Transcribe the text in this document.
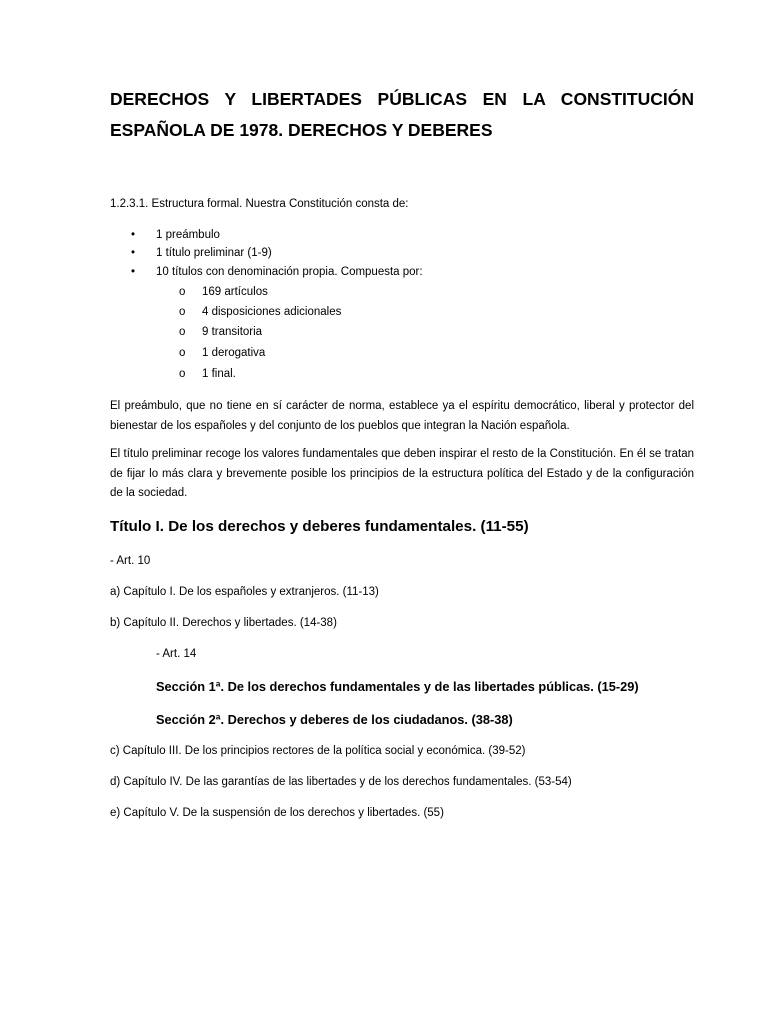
DERECHOS Y LIBERTADES PÚBLICAS EN LA CONSTITUCIÓN ESPAÑOLA DE 1978. DERECHOS Y DEBERES

1.2.3.1. Estructura formal. Nuestra Constitución consta de:

• 1 preámbulo
• 1 título preliminar (1-9)
• 10 títulos con denominación propia. Compuesta por:
o 169 artículos
o 4 disposiciones adicionales
o 9 transitoria
o 1 derogativa
o 1 final.

El preámbulo, que no tiene en sí carácter de norma, establece ya el espíritu democrático, liberal y protector del bienestar de los españoles y del conjunto de los pueblos que integran la Nación española.

El título preliminar recoge los valores fundamentales que deben inspirar el resto de la Constitución. En él se tratan de fijar lo más clara y brevemente posible los principios de la estructura política del Estado y de la configuración de la sociedad.

Título I. De los derechos y deberes fundamentales. (11-55)

- Art. 10

a) Capítulo I. De los españoles y extranjeros. (11-13)

b) Capítulo II. Derechos y libertades. (14-38)

- Art. 14

Sección 1ª. De los derechos fundamentales y de las libertades públicas. (15-29)
Sección 2ª. Derechos y deberes de los ciudadanos. (38-38)

c) Capítulo III. De los principios rectores de la política social y económica. (39-52)

d) Capítulo IV. De las garantías de las libertades y de los derechos fundamentales. (53-54)

e) Capítulo V. De la suspensión de los derechos y libertades. (55)
